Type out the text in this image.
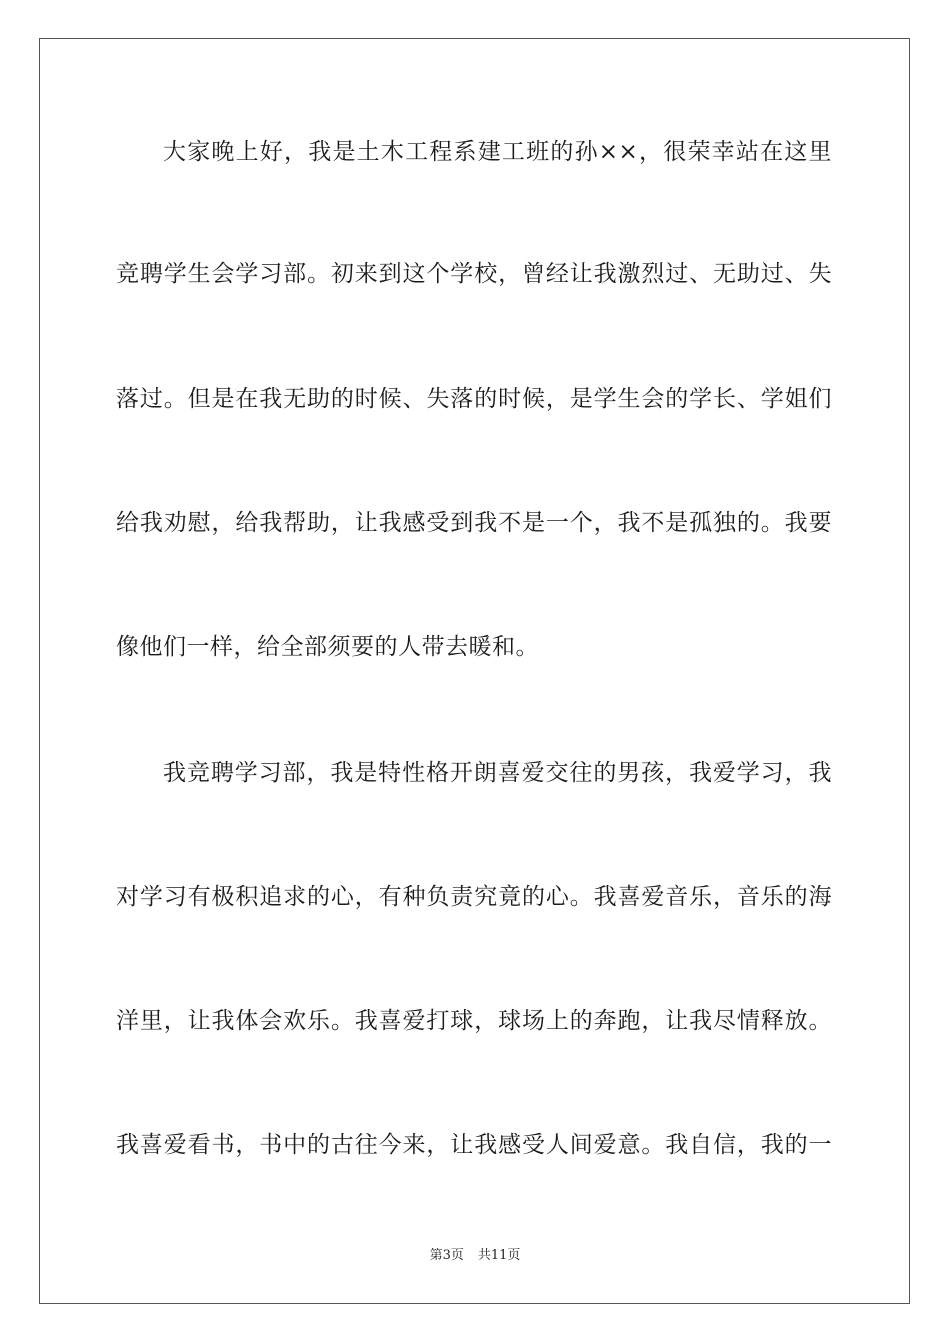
大家晚上好，我是土木工程系建工班的孙××，很荣幸站在这里
竞聘学生会学习部。初来到这个学校，曾经让我激烈过、无助过、失
落过。但是在我无助的时候、失落的时候，是学生会的学长、学姐们
给我劝慰，给我帮助，让我感受到我不是一个，我不是孤独的。我要
像他们一样，给全部须要的人带去暖和。
我竞聘学习部，我是特性格开朗喜爱交往的男孩，我爱学习，我
对学习有极积追求的心，有种负责究竟的心。我喜爱音乐，音乐的海
洋里，让我体会欢乐。我喜爱打球，球场上的奔跑，让我尽情释放。
我喜爱看书，书中的古往今来，让我感受人间爱意。我自信，我的一
第3页 共11页
